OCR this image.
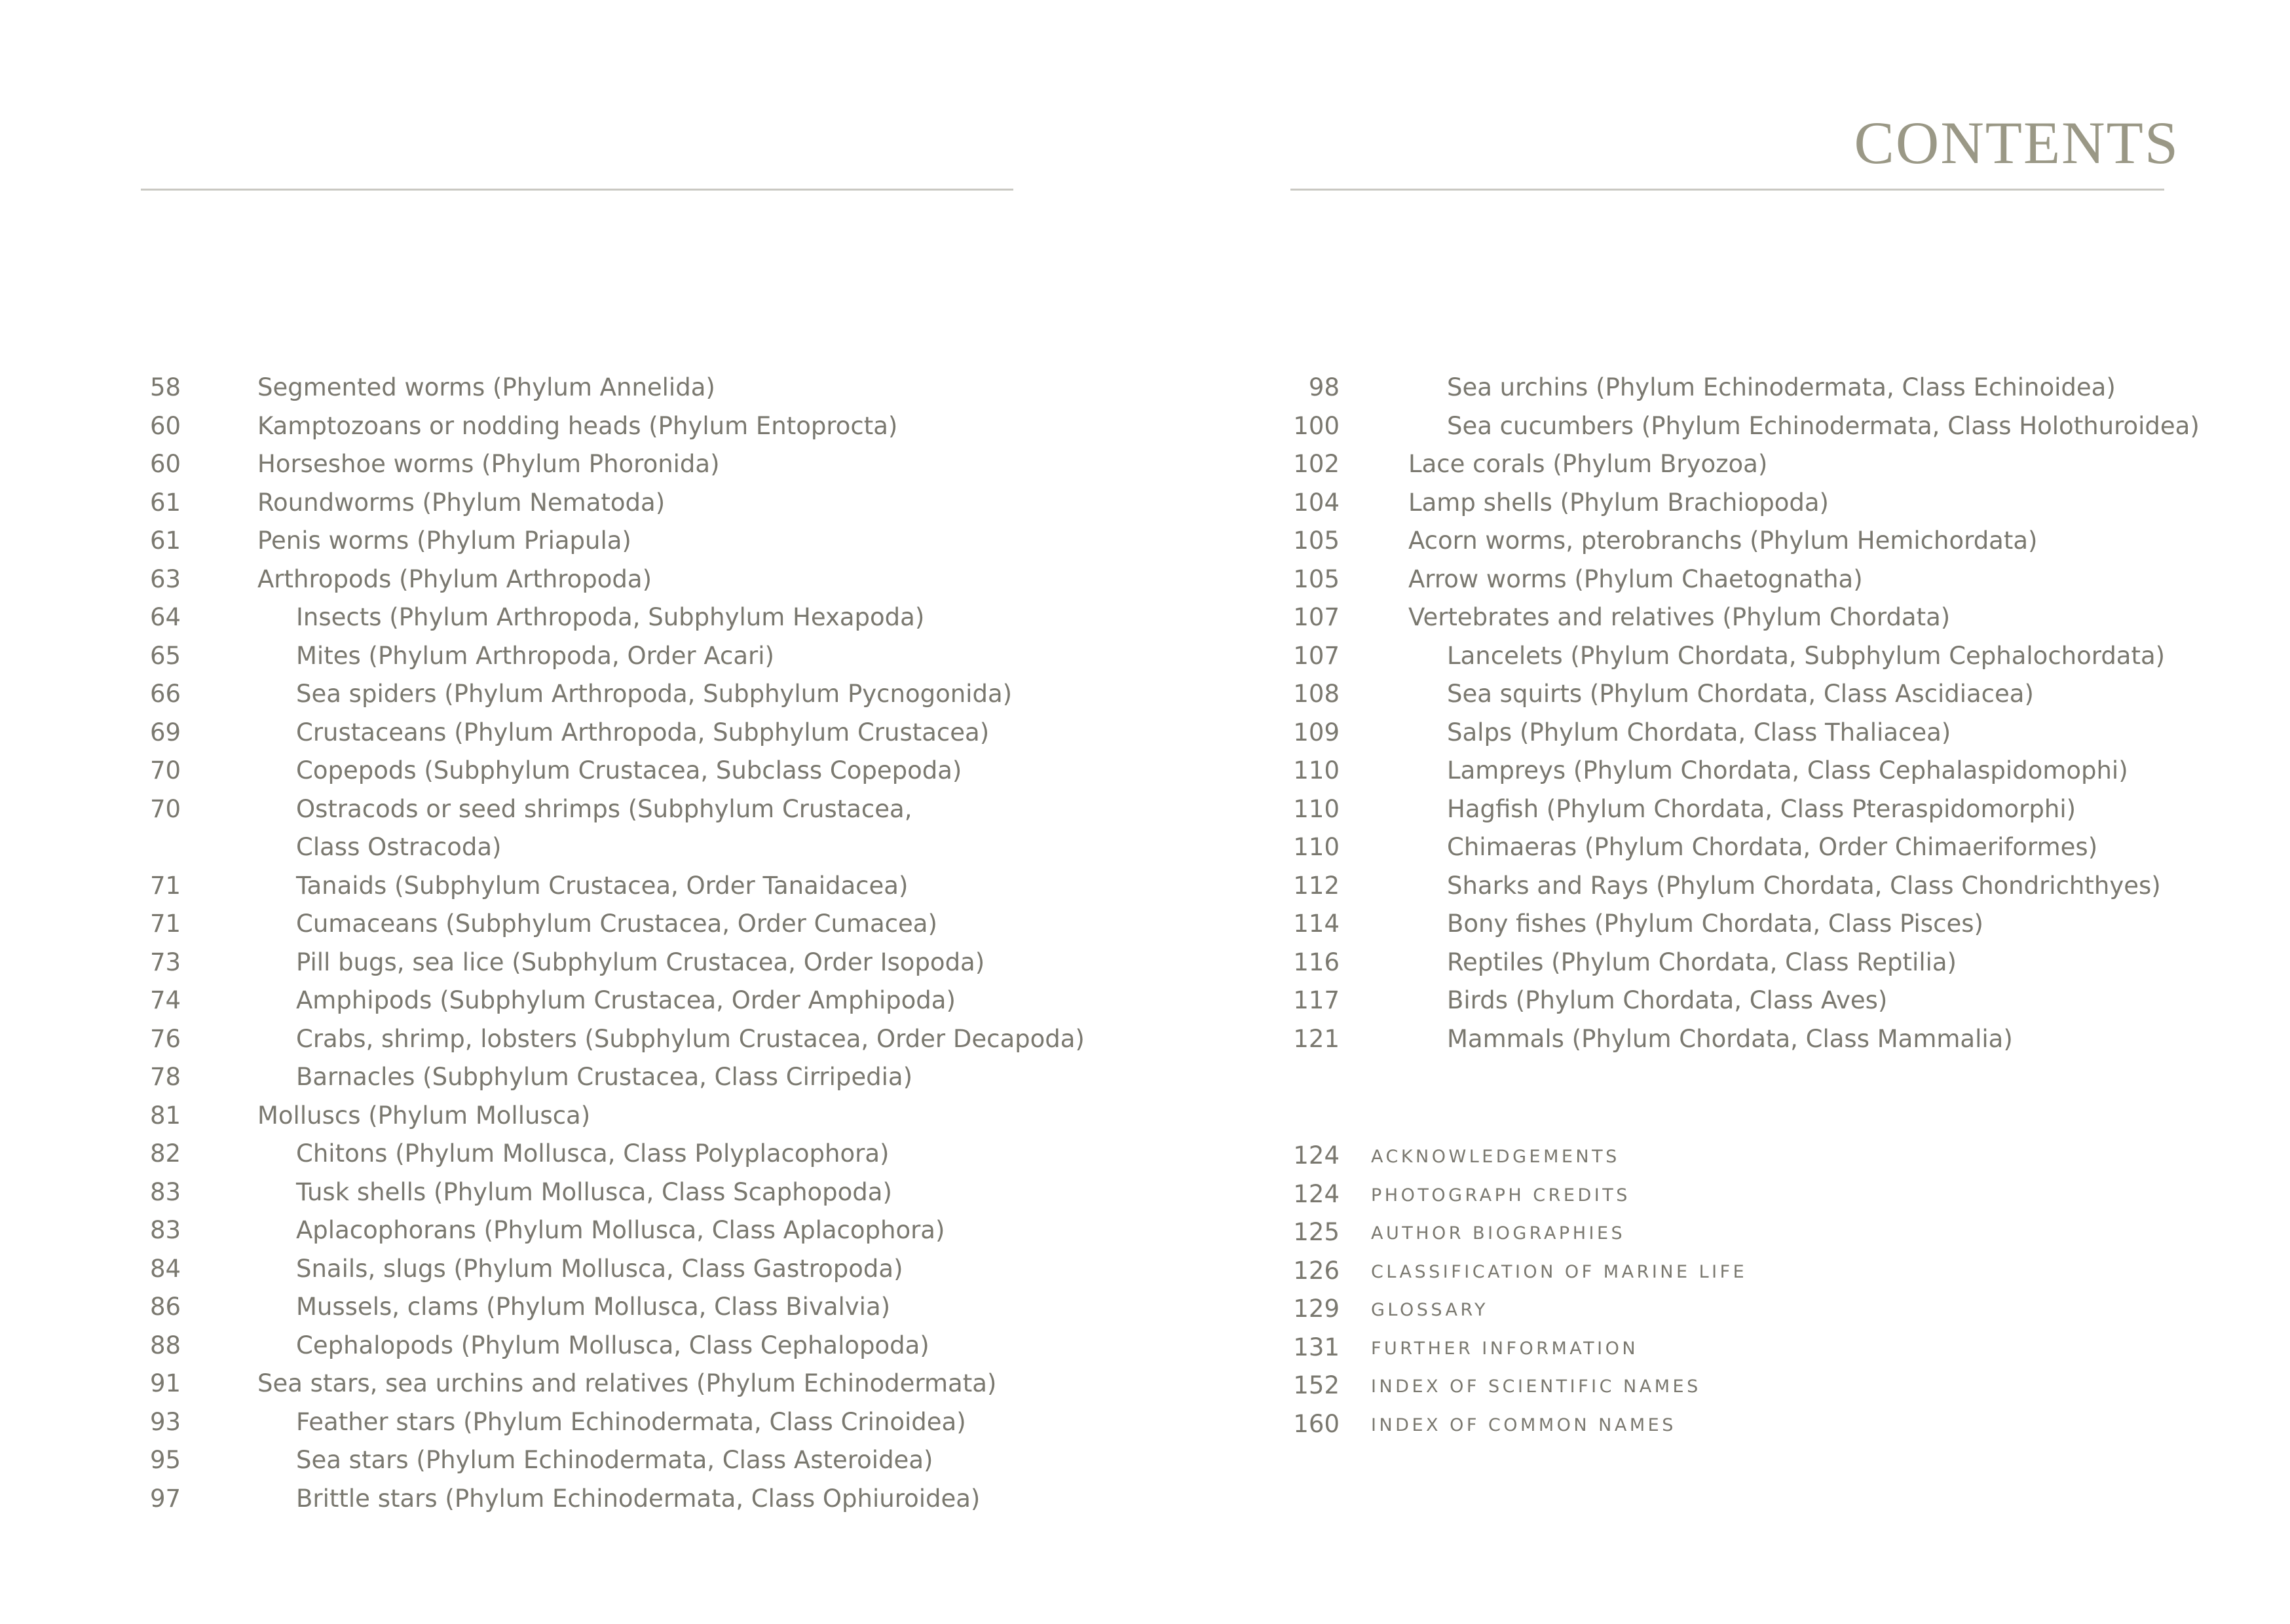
CONTENTS
58	Segmented worms (Phylum Annelida)
60	Kamptozoans or nodding heads (Phylum Entoprocta)
60	Horseshoe worms (Phylum Phoronida)
61	Roundworms (Phylum Nematoda)
61	Penis worms (Phylum Priapula)
63	Arthropods (Phylum Arthropoda)
64	Insects (Phylum Arthropoda, Subphylum Hexapoda)
65	Mites (Phylum Arthropoda, Order Acari)
66	Sea spiders (Phylum Arthropoda, Subphylum Pycnogonida)
69	Crustaceans (Phylum Arthropoda, Subphylum Crustacea)
70	Copepods (Subphylum Crustacea, Subclass Copepoda)
70	Ostracods or seed shrimps (Subphylum Crustacea,
Class Ostracoda)
71	Tanaids (Subphylum Crustacea, Order Tanaidacea)
71	Cumaceans (Subphylum Crustacea, Order Cumacea)
73	Pill bugs, sea lice (Subphylum Crustacea, Order Isopoda)
74	Amphipods (Subphylum Crustacea, Order Amphipoda)
76	Crabs, shrimp, lobsters (Subphylum Crustacea, Order Decapoda)
78	Barnacles (Subphylum Crustacea, Class Cirripedia)
81	Molluscs (Phylum Mollusca)
82	Chitons (Phylum Mollusca, Class Polyplacophora)
83	Tusk shells (Phylum Mollusca, Class Scaphopoda)
83	Aplacophorans (Phylum Mollusca, Class Aplacophora)
84	Snails, slugs (Phylum Mollusca, Class Gastropoda)
86	Mussels, clams (Phylum Mollusca, Class Bivalvia)
88	Cephalopods (Phylum Mollusca, Class Cephalopoda)
91	Sea stars, sea urchins and relatives (Phylum Echinodermata)
93	Feather stars (Phylum Echinodermata, Class Crinoidea)
95	Sea stars (Phylum Echinodermata, Class Asteroidea)
97	Brittle stars (Phylum Echinodermata, Class Ophiuroidea)
98	Sea urchins (Phylum Echinodermata, Class Echinoidea)
100	Sea cucumbers (Phylum Echinodermata, Class Holothuroidea)
102	Lace corals (Phylum Bryozoa)
104	Lamp shells (Phylum Brachiopoda)
105	Acorn worms, pterobranchs (Phylum Hemichordata)
105	Arrow worms (Phylum Chaetognatha)
107	Vertebrates and relatives (Phylum Chordata)
107	Lancelets (Phylum Chordata, Subphylum Cephalochordata)
108	Sea squirts (Phylum Chordata, Class Ascidiacea)
109	Salps (Phylum Chordata, Class Thaliacea)
110	Lampreys (Phylum Chordata, Class Cephalaspidomophi)
110	Hagfish (Phylum Chordata, Class Pteraspidomorphi)
110	Chimaeras (Phylum Chordata, Order Chimaeriformes)
112	Sharks and Rays (Phylum Chordata, Class Chondrichthyes)
114	Bony fishes (Phylum Chordata, Class Pisces)
116	Reptiles (Phylum Chordata, Class Reptilia)
117	Birds (Phylum Chordata, Class Aves)
121	Mammals (Phylum Chordata, Class Mammalia)
124 ACKNOWLEDGEMENTS
124 PHOTOGRAPH CREDITS
125 AUTHOR BIOGRAPHIES
126 CLASSIFICATION OF MARINE LIFE
129 GLOSSARY
131 FURTHER INFORMATION
152 INDEX OF SCIENTIFIC NAMES
160 INDEX OF COMMON NAMES
